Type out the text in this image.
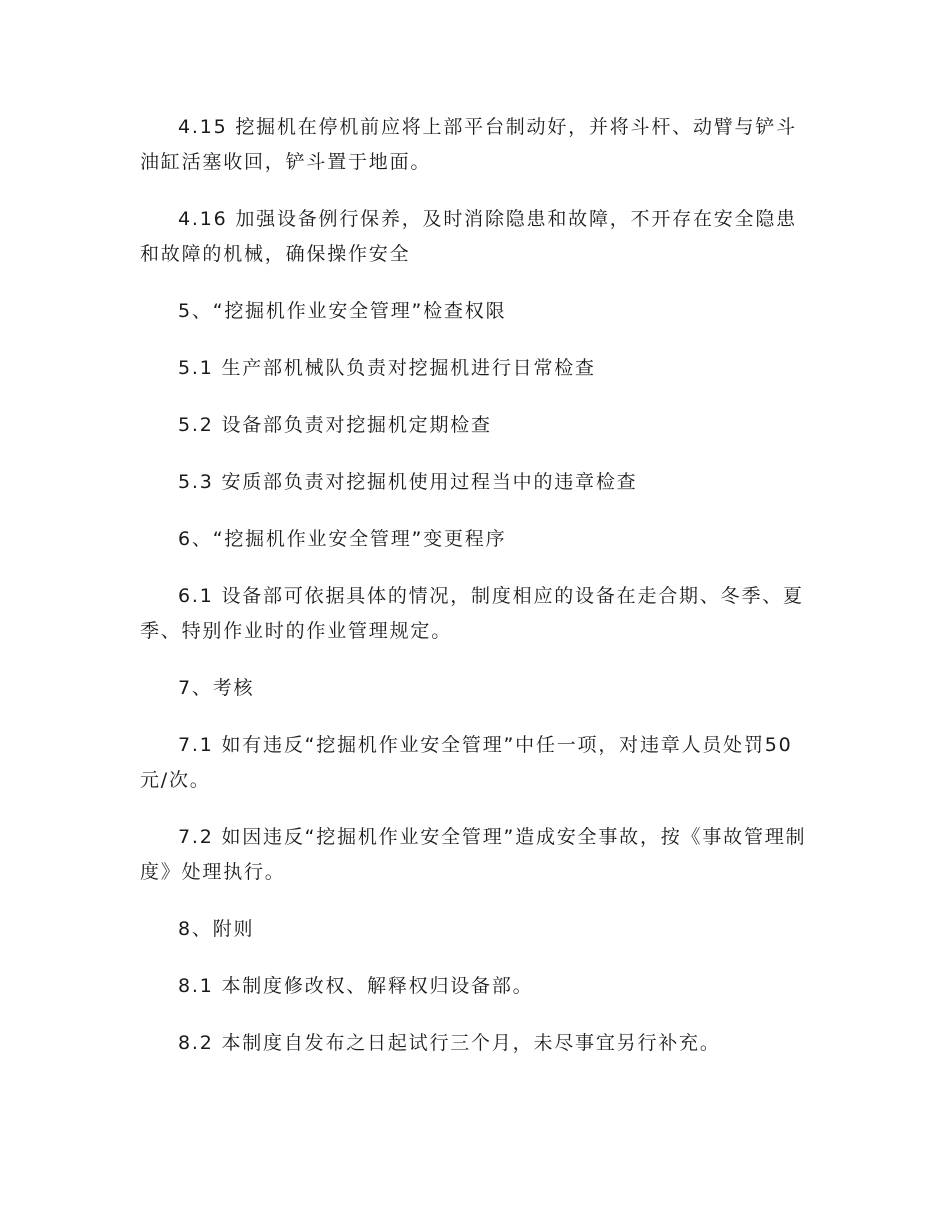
4.15 挖掘机在停机前应将上部平台制动好，并将斗杆、动臂与铲斗油缸活塞收回，铲斗置于地面。

4.16 加强设备例行保养，及时消除隐患和故障，不开存在安全隐患和故障的机械，确保操作安全

5、“挖掘机作业安全管理”检查权限

5.1 生产部机械队负责对挖掘机进行日常检查

5.2 设备部负责对挖掘机定期检查

5.3 安质部负责对挖掘机使用过程当中的违章检查

6、“挖掘机作业安全管理”变更程序

6.1 设备部可依据具体的情况，制度相应的设备在走合期、冬季、夏季、特别作业时的作业管理规定。

7、考核

7.1 如有违反“挖掘机作业安全管理”中任一项，对违章人员处罚50元/次。

7.2 如因违反“挖掘机作业安全管理”造成安全事故，按《事故管理制度》处理执行。

8、附则

8.1 本制度修改权、解释权归设备部。

8.2 本制度自发布之日起试行三个月，未尽事宜另行补充。
